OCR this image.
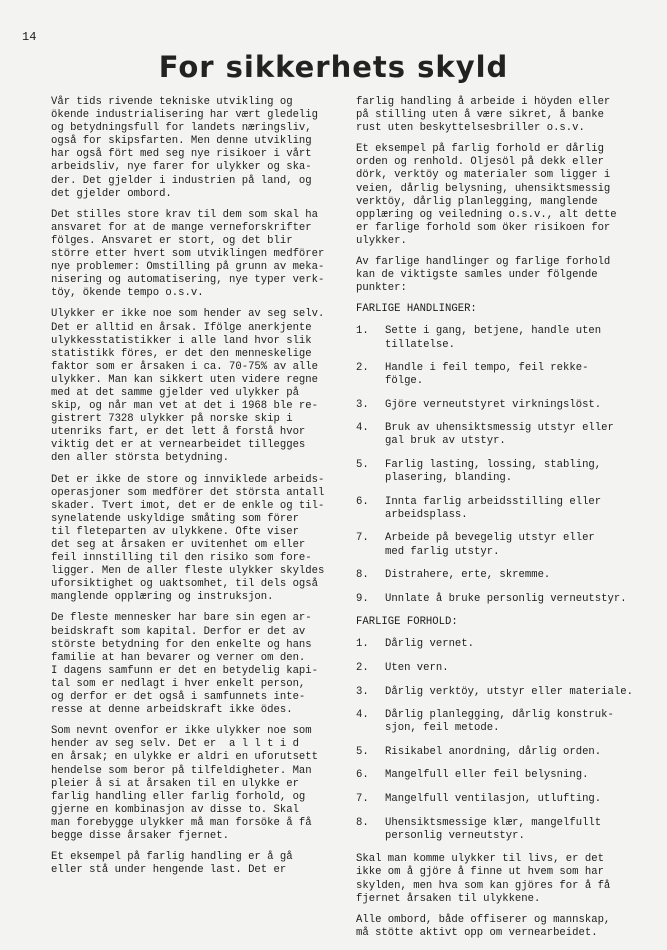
14
For sikkerhets skyld

Vår tids rivende tekniske utvikling og
ökende industrialisering har vært gledelig
og betydningsfull for landets næringsliv,
også for skipsfarten. Men denne utvikling
har også fört med seg nye risikoer i vårt
arbeidsliv, nye farer for ulykker og ska-
der. Det gjelder i industrien på land, og
det gjelder ombord.

Det stilles store krav til dem som skal ha
ansvaret for at de mange verneforskrifter
fölges. Ansvaret er stort, og det blir
större etter hvert som utviklingen medförer
nye problemer: Omstilling på grunn av meka-
nisering og automatisering, nye typer verk-
töy, ökende tempo o.s.v.

Ulykker er ikke noe som hender av seg selv.
Det er alltid en årsak. Ifölge anerkjente
ulykkesstatistikker i alle land hvor slik
statistikk föres, er det den menneskelige
faktor som er årsaken i ca. 70-75% av alle
ulykker. Man kan sikkert uten videre regne
med at det samme gjelder ved ulykker på
skip, og når man vet at det i 1968 ble re-
gistrert 7328 ulykker på norske skip i
utenriks fart, er det lett å forstå hvor
viktig det er at vernearbeidet tillegges
den aller största betydning.

Det er ikke de store og innviklede arbeids-
operasjoner som medförer det största antall
skader. Tvert imot, det er de enkle og til-
synelatende uskyldige småting som förer
til fleteparten av ulykkene. Ofte viser
det seg at årsaken er uvitenhet om eller
feil innstilling til den risiko som fore-
ligger. Men de aller fleste ulykker skyldes
uforsiktighet og uaktsomhet, til dels også
manglende opplæring og instruksjon.

De fleste mennesker har bare sin egen ar-
beidskraft som kapital. Derfor er det av
störste betydning for den enkelte og hans
familie at han bevarer og verner om den.
I dagens samfunn er det en betydelig kapi-
tal som er nedlagt i hver enkelt person,
og derfor er det også i samfunnets inte-
resse at denne arbeidskraft ikke ödes.

Som nevnt ovenfor er ikke ulykker noe som
hender av seg selv. Det er  a l l t i d
en årsak; en ulykke er aldri en uforutsett
hendelse som beror på tilfeldigheter. Man
pleier å si at årsaken til en ulykke er
farlig handling eller farlig forhold, og
gjerne en kombinasjon av disse to. Skal
man forebygge ulykker må man forsöke å få
begge disse årsaker fjernet.

Et eksempel på farlig handling er å gå
eller stå under hengende last. Det er

farlig handling å arbeide i höyden eller
på stilling uten å være sikret, å banke
rust uten beskyttelsesbriller o.s.v.

Et eksempel på farlig forhold er dårlig
orden og renhold. Oljesöl på dekk eller
dörk, verktöy og materialer som ligger i
veien, dårlig belysning, uhensiktsmessig
verktöy, dårlig planlegging, manglende
opplæring og veiledning o.s.v., alt dette
er farlige forhold som öker risikoen for
ulykker.

Av farlige handlinger og farlige forhold
kan de viktigste samles under fölgende
punkter:

FARLIGE HANDLINGER:
1. Sette i gang, betjene, handle uten
tillatelse.
2. Handle i feil tempo, feil rekke-
fölge.
3. Gjöre verneutstyret virkningslöst.
4. Bruk av uhensiktsmessig utstyr eller
gal bruk av utstyr.
5. Farlig lasting, lossing, stabling,
plasering, blanding.
6. Innta farlig arbeidsstilling eller
arbeidsplass.
7. Arbeide på bevegelig utstyr eller
med farlig utstyr.
8. Distrahere, erte, skremme.
9. Unnlate å bruke personlig verneutstyr.
FARLIGE FORHOLD:
1. Dårlig vernet.
2. Uten vern.
3. Dårlig verktöy, utstyr eller materiale.
4. Dårlig planlegging, dårlig konstruk-
sjon, feil metode.
5. Risikabel anordning, dårlig orden.
6. Mangelfull eller feil belysning.
7. Mangelfull ventilasjon, utlufting.
8. Uhensiktsmessige klær, mangelfullt
personlig verneutstyr.

Skal man komme ulykker til livs, er det
ikke om å gjöre å finne ut hvem som har
skylden, men hva som kan gjöres for å få
fjernet årsaken til ulykkene.

Alle ombord, både offiserer og mannskap,
må stötte aktivt opp om vernearbeidet.
